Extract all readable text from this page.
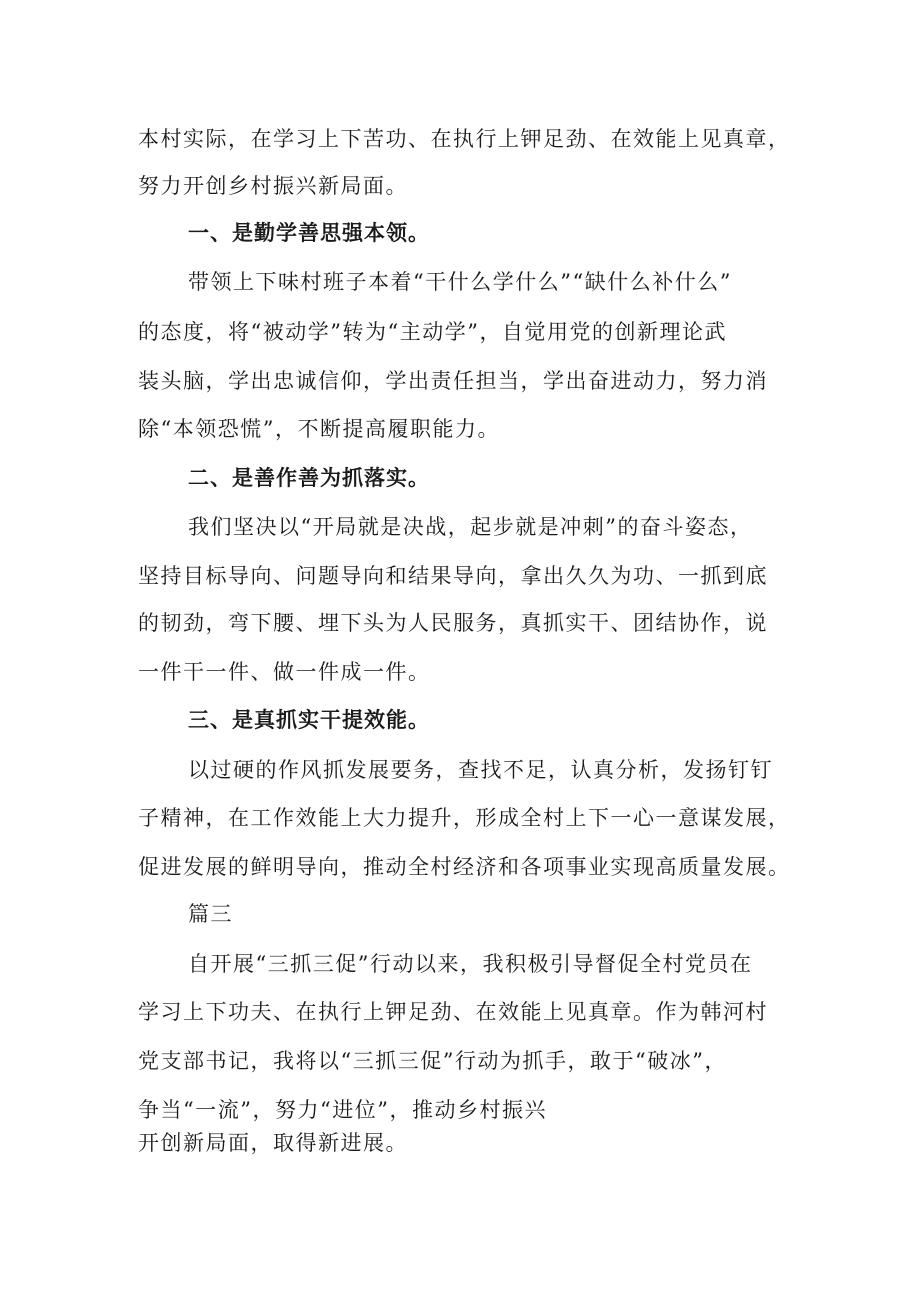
本村实际，在学习上下苦功、在执行上钾足劲、在效能上见真章，
努力开创乡村振兴新局面。
一、是勤学善思强本领。
带领上下味村班子本着“干什么学什么”“缺什么补什么”
的态度，将“被动学”转为“主动学”，自觉用党的创新理论武
装头脑，学出忠诚信仰，学出责任担当，学出奋进动力，努力消
除“本领恐慌”，不断提高履职能力。
二、是善作善为抓落实。
我们坚决以“开局就是决战，起步就是冲刺”的奋斗姿态，
坚持目标导向、问题导向和结果导向，拿出久久为功、一抓到底
的韧劲，弯下腰、埋下头为人民服务，真抓实干、团结协作，说
一件干一件、做一件成一件。
三、是真抓实干提效能。
以过硬的作风抓发展要务，查找不足，认真分析，发扬钉钉
子精神，在工作效能上大力提升，形成全村上下一心一意谋发展，
促进发展的鲜明导向，推动全村经济和各项事业实现高质量发展。
篇三
自开展“三抓三促”行动以来，我积极引导督促全村党员在
学习上下功夫、在执行上钾足劲、在效能上见真章。作为韩河村
党支部书记，我将以“三抓三促”行动为抓手，敢于“破冰”，
争当“一流”，努力“进位”，推动乡村振兴
开创新局面，取得新进展。
